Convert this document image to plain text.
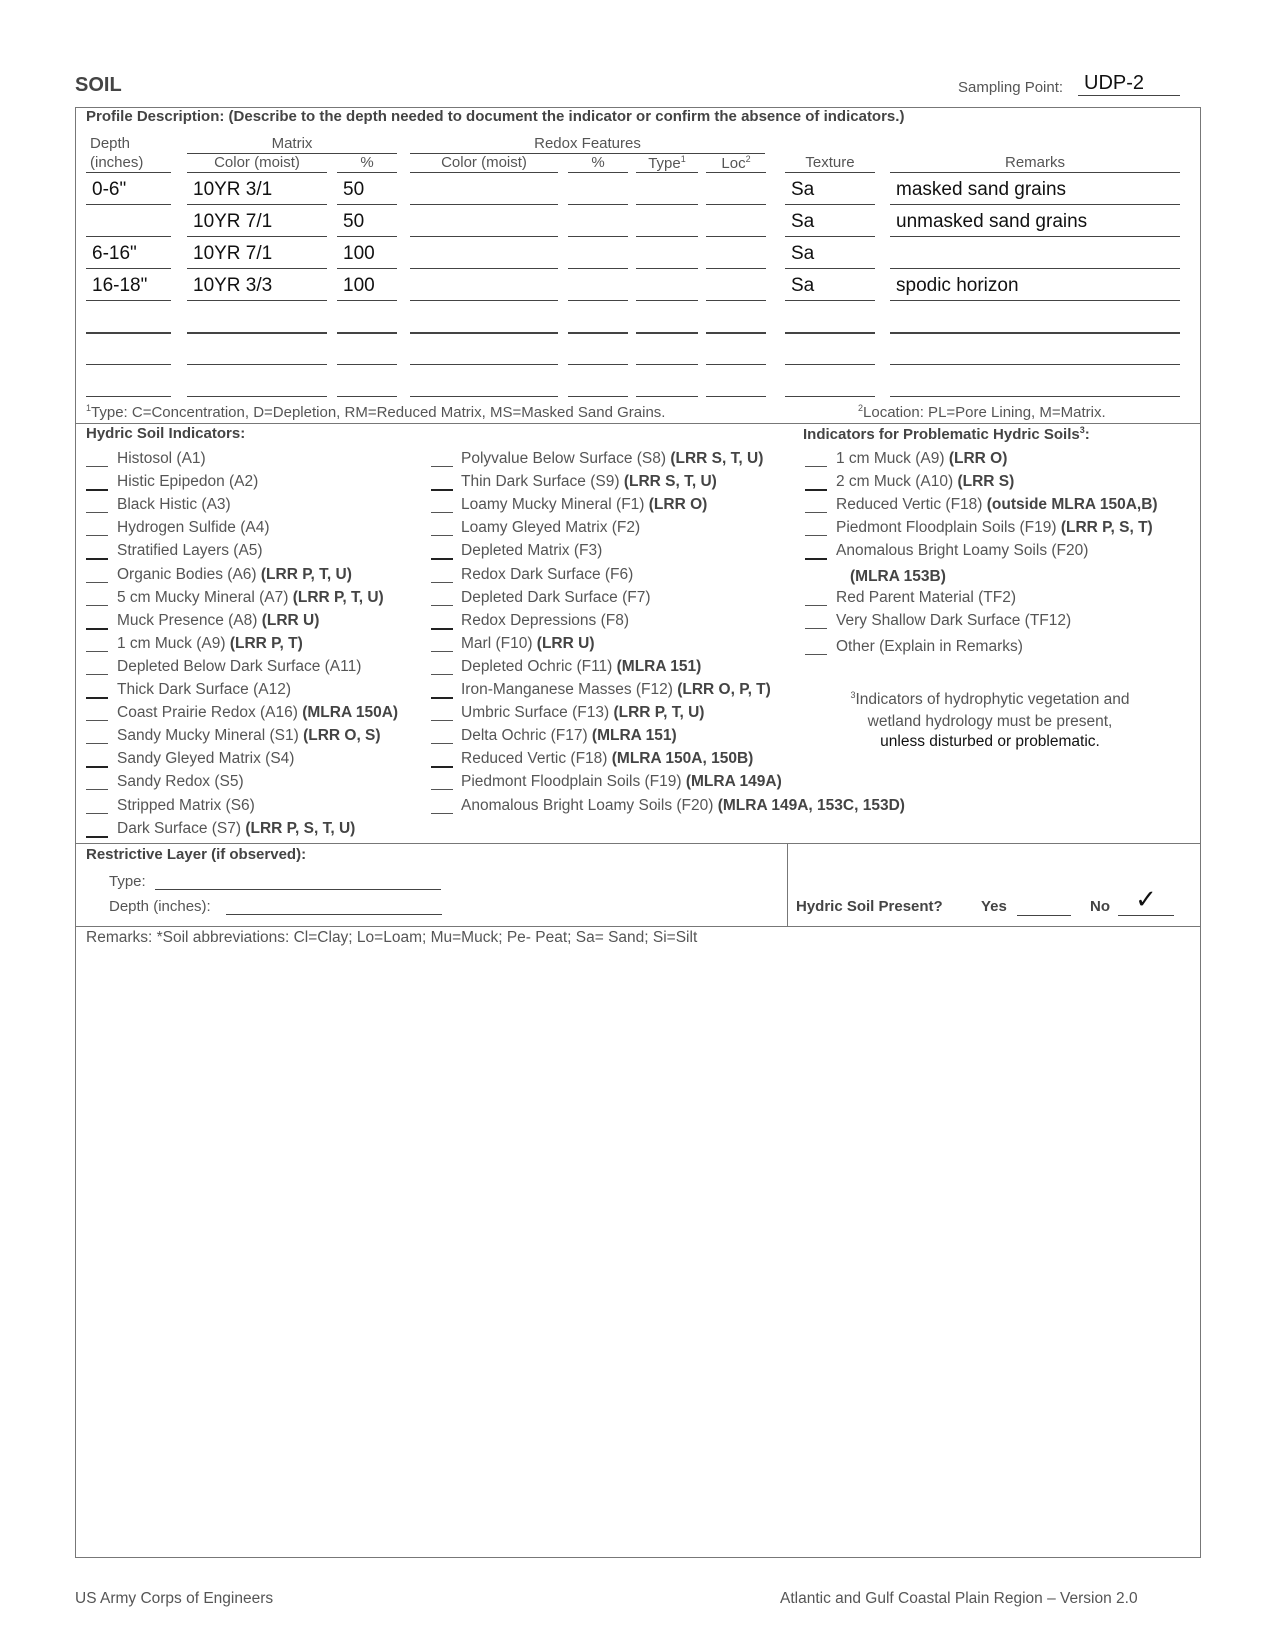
SOIL	Sampling Point:	UDP-2
Profile Description: (Describe to the depth needed to document the indicator or confirm the absence of indicators.)
Depth
(inches)
Matrix
Color (moist)	%
Redox Features
Color (moist)	%	Type$^1$	Loc$^2$	Texture	Remarks
0-6"	10YR 3/1	50	Sa	masked sand grains
10YR 7/1	50	Sa	unmasked sand grains
6-16"	10YR 7/1	100	Sa
16-18" 10YR 3/3	100	Sa	spodic horizon
$^1$Type: C=Concentration, D=Depletion, RM=Reduced Matrix, MS=Masked Sand Grains.	$^2$Location: PL=Pore Lining, M=Matrix.
Hydric Soil Indicators:	Indicators for Problematic Hydric Soils$^3$:
Histosol (A1)
Histic Epipedon (A2)
Black Histic (A3)
Hydrogen Sulfide (A4)
Stratified Layers (A5)
Organic Bodies (A6) (LRR P, T, U)
5 cm Mucky Mineral (A7) (LRR P, T, U)
Muck Presence (A8) (LRR U)
1 cm Muck (A9) (LRR P, T)
Depleted Below Dark Surface (A11)
Thick Dark Surface (A12)
Coast Prairie Redox (A16) (MLRA 150A)
Sandy Mucky Mineral (S1) (LRR O, S)
Sandy Gleyed Matrix (S4)
Sandy Redox (S5)
Stripped Matrix (S6)
Dark Surface (S7) (LRR P, S, T, U)
Polyvalue Below Surface (S8) (LRR S, T, U)
Thin Dark Surface (S9) (LRR S, T, U)
Loamy Mucky Mineral (F1) (LRR O)
Loamy Gleyed Matrix (F2)
Depleted Matrix (F3)
Redox Dark Surface (F6)
Depleted Dark Surface (F7)
Redox Depressions (F8)
Marl (F10) (LRR U)
Depleted Ochric (F11) (MLRA 151)
Iron-Manganese Masses (F12) (LRR O, P, T)
Umbric Surface (F13) (LRR P, T, U)
Delta Ochric (F17) (MLRA 151)
Reduced Vertic (F18) (MLRA 150A, 150B)
Piedmont Floodplain Soils (F19) (MLRA 149A)
Anomalous Bright Loamy Soils (F20) (MLRA 149A, 153C, 153D)
1 cm Muck (A9) (LRR O)
2 cm Muck (A10) (LRR S)
Reduced Vertic (F18) (outside MLRA 150A,B)
Piedmont Floodplain Soils (F19) (LRR P, S, T)
Anomalous Bright Loamy Soils (F20)
Red Parent Material (TF2)
Very Shallow Dark Surface (TF12)
Other (Explain in Remarks)
(MLRA 153B)
$^3$Indicators of hydrophytic vegetation and
wetland hydrology must be present,
unless disturbed or problematic.
Restrictive Layer (if observed):
Type:
Depth (inches):	Hydric Soil Present?	Yes	No ✓
Remarks: *Soil abbreviations: Cl=Clay; Lo=Loam; Mu=Muck; Pe- Peat; Sa= Sand; Si=Silt
US Army Corps of Engineers	Atlantic and Gulf Coastal Plain Region – Version 2.0
